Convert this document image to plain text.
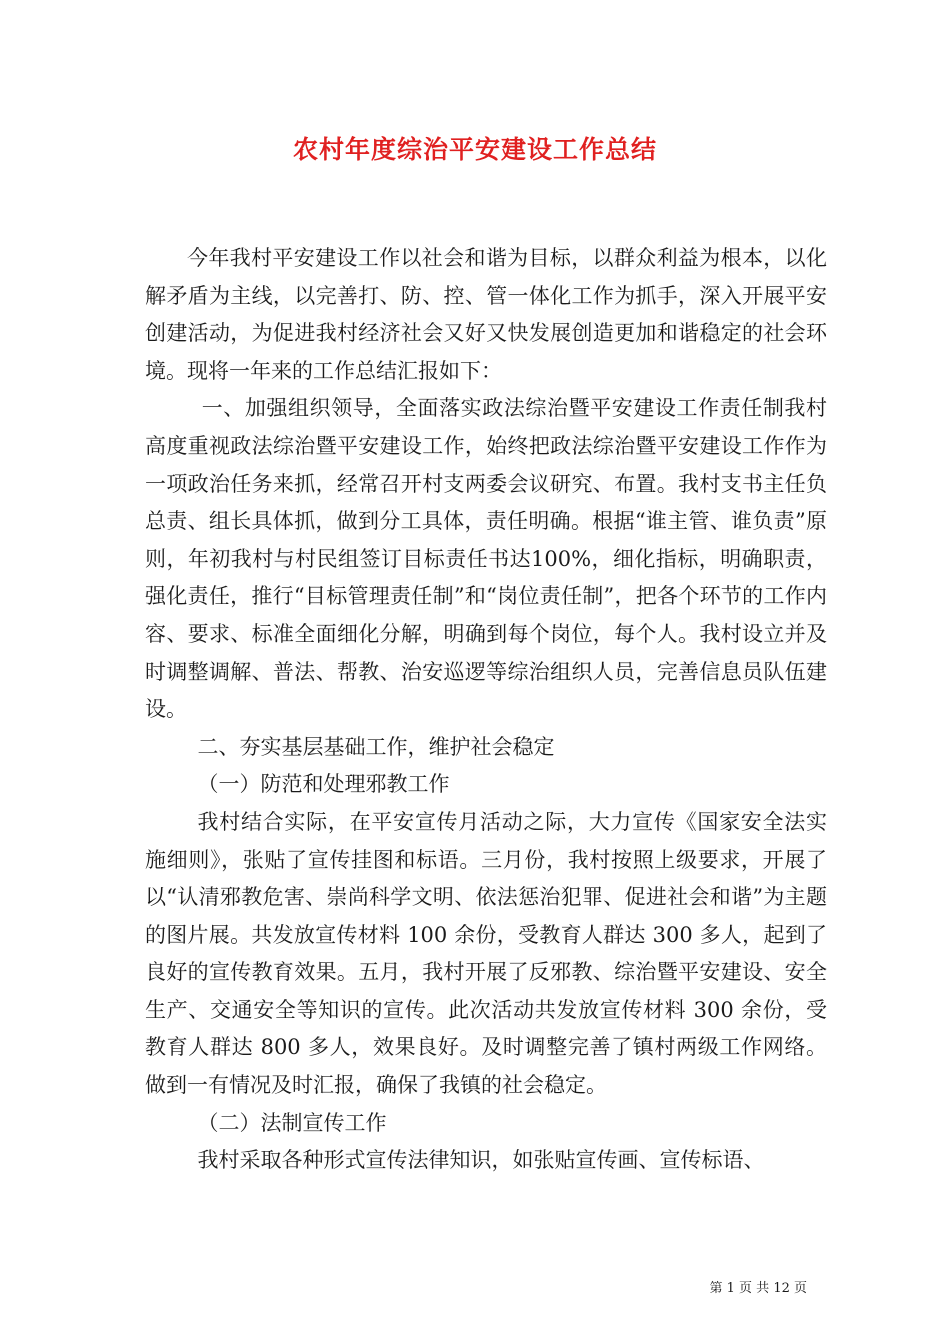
农村年度综治平安建设工作总结

今年我村平安建设工作以社会和谐为目标，以群众利益为根本，以化解矛盾为主线，以完善打、防、控、管一体化工作为抓手，深入开展平安创建活动，为促进我村经济社会又好又快发展创造更加和谐稳定的社会环境。现将一年来的工作总结汇报如下：

一、加强组织领导，全面落实政法综治暨平安建设工作责任制我村高度重视政法综治暨平安建设工作，始终把政法综治暨平安建设工作作为一项政治任务来抓，经常召开村支两委会议研究、布置。我村支书主任负总责、组长具体抓，做到分工具体，责任明确。根据“谁主管、谁负责”原则，年初我村与村民组签订目标责任书达100%，细化指标，明确职责，强化责任，推行“目标管理责任制”和“岗位责任制”，把各个环节的工作内容、要求、标准全面细化分解，明确到每个岗位，每个人。我村设立并及时调整调解、普法、帮教、治安巡逻等综治组织人员，完善信息员队伍建设。

二、夯实基层基础工作，维护社会稳定

（一）防范和处理邪教工作

我村结合实际，在平安宣传月活动之际，大力宣传《国家安全法实施细则》，张贴了宣传挂图和标语。三月份，我村按照上级要求，开展了以“认清邪教危害、崇尚科学文明、依法惩治犯罪、促进社会和谐”为主题的图片展。共发放宣传材料 100 余份，受教育人群达 300 多人，起到了良好的宣传教育效果。五月，我村开展了反邪教、综治暨平安建设、安全生产、交通安全等知识的宣传。此次活动共发放宣传材料 300 余份，受教育人群达 800 多人，效果良好。及时调整完善了镇村两级工作网络。做到一有情况及时汇报，确保了我镇的社会稳定。

（二）法制宣传工作

我村采取各种形式宣传法律知识，如张贴宣传画、宣传标语、

第 1 页 共 12 页
